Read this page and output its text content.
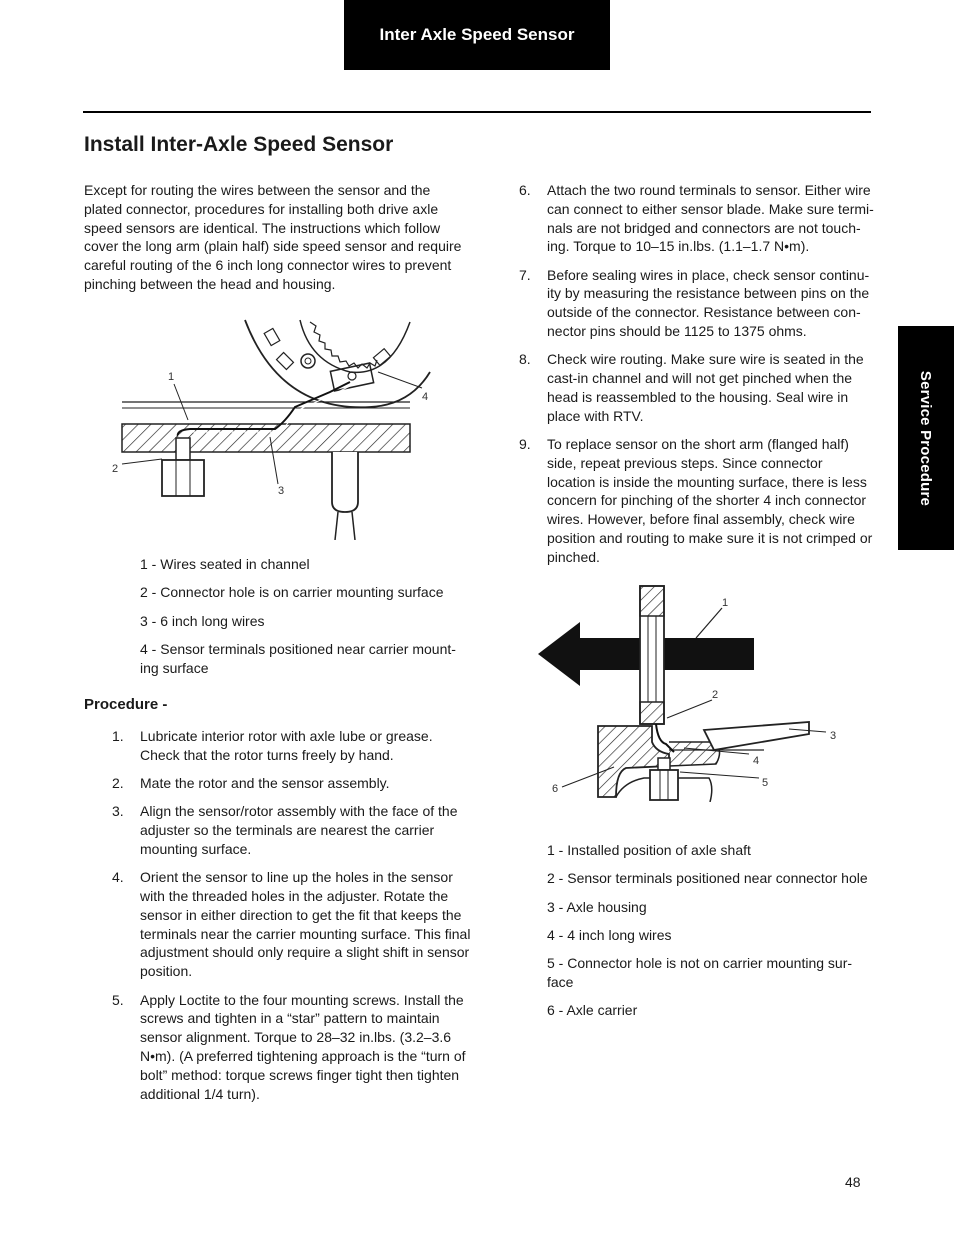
Inter Axle Speed Sensor
Service Procedure
Install Inter-Axle Speed Sensor
Except for routing the wires between the sensor and the plated connector, procedures for installing both drive axle speed sensors are identical. The instructions which follow cover the long arm (plain half) side speed sensor and require careful routing of the 6 inch long connector wires to prevent pinching between the head and housing.
1
2
3
4

1 - Wires seated in channel

2 - Connector hole is on carrier mounting surface

3 - 6 inch long wires

4 - Sensor terminals positioned near carrier mount-ing surface

Procedure -
1. Lubricate interior rotor with axle lube or grease. Check that the rotor turns freely by hand.
2. Mate the rotor and the sensor assembly.
3. Align the sensor/rotor assembly with the face of the adjuster so the terminals are nearest the carrier mounting surface.
4. Orient the sensor to line up the holes in the sensor with the threaded holes in the adjuster. Rotate the sensor in either direction to get the fit that keeps the terminals near the carrier mounting surface. This final adjustment should only require a slight shift in sensor position.
5. Apply Loctite to the four mounting screws. Install the screws and tighten in a “star” pattern to maintain sensor alignment. Torque to 28–32 in.lbs. (3.2–3.6 N•m). (A preferred tightening approach is the “turn of bolt” method: torque screws finger tight then tighten additional 1/4 turn).
6. Attach the two round terminals to sensor. Either wire can connect to either sensor blade. Make sure termi-nals are not bridged and connectors are not touch-ing. Torque to 10–15 in.lbs. (1.1–1.7 N•m).
7. Before sealing wires in place, check sensor continu-ity by measuring the resistance between pins on the outside of the connector. Resistance between con-nector pins should be 1125 to 1375 ohms.
8. Check wire routing. Make sure wire is seated in the cast-in channel and will not get pinched when the head is reassembled to the housing. Seal wire in place with RTV.
9. To replace sensor on the short arm (flanged half) side, repeat previous steps. Since connector location is inside the mounting surface, there is less concern for pinching of the shorter 4 inch connector wires. However, before final assembly, check wire position and routing to make sure it is not crimped or pinched.
1
2
3
4
5
6

1 - Installed position of axle shaft

2 - Sensor terminals positioned near connector hole

3 - Axle housing

4 - 4 inch long wires

5 - Connector hole is not on carrier mounting sur-face

6 - Axle carrier

48
